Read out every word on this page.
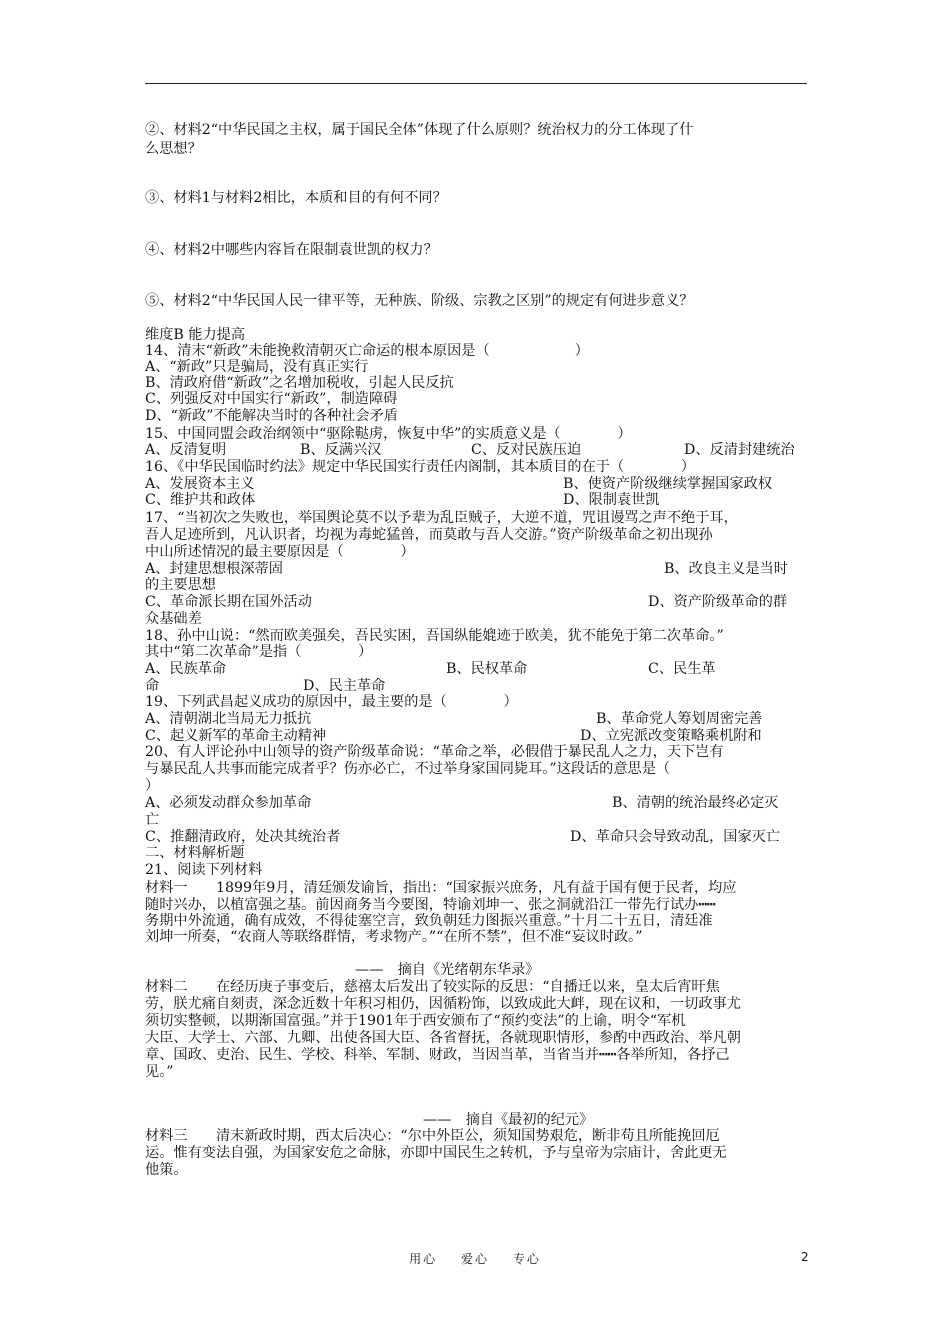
②、材料2“中华民国之主权，属于国民全体”体现了什么原则？统治权力的分工体现了什
么思想？
③、材料1与材料2相比，本质和目的有何不同？
④、材料2中哪些内容旨在限制袁世凯的权力？
⑤、材料2“中华民国人民一律平等，无种族、阶级、宗教之区别”的规定有何进步意义？
维度B 能力提高
14、清末“新政”未能挽救清朝灭亡命运的根本原因是（　　　　　　）
A、“新政”只是骗局，没有真正实行
B、清政府借“新政”之名增加税收，引起人民反抗
C、列强反对中国实行“新政”，制造障碍
D、“新政”不能解决当时的各种社会矛盾
15、中国同盟会政治纲领中“驱除鞑虏，恢复中华”的实质意义是（　　　　）
A、反清复明	B、反满兴汉	C、反对民族压迫	D、反清封建统治
16、《中华民国临时约法》规定中华民国实行责任内阁制，其本质目的在于（　　　　）
A、发展资本主义	B、使资产阶级继续掌握国家政权
C、维护共和政体	D、限制袁世凯
17、“当初次之失败也，举国舆论莫不以予辈为乱臣贼子，大逆不道，咒诅谩骂之声不绝于耳，
吾人足迹所到，凡认识者，均视为毒蛇猛兽，而莫敢与吾人交游。”资产阶级革命之初出现孙
中山所述情况的最主要原因是（　　　　）
A、封建思想根深蒂固	B、改良主义是当时
的主要思想
C、革命派长期在国外活动	D、资产阶级革命的群
众基础差
18、孙中山说：“然而欧美强矣，吾民实困，吾国纵能媲迹于欧美，犹不能免于第二次革命。”
其中“第二次革命”是指（　　　　）
A、民族革命	B、民权革命	C、民生革
命	D、民主革命
19、下列武昌起义成功的原因中，最主要的是（　　　　）
A、清朝湖北当局无力抵抗	B、革命党人筹划周密完善
C、起义新军的革命主动精神	D、立宪派改变策略乘机附和
20、有人评论孙中山领导的资产阶级革命说：“革命之举，必假借于暴民乱人之力，天下岂有
与暴民乱人共事而能完成者乎？伤亦必亡，不过举身家国同毙耳。”这段话的意思是（
）
A、必须发动群众参加革命	B、清朝的统治最终必定灭
亡
C、推翻清政府，处决其统治者	D、革命只会导致动乱，国家灭亡
二、材料解析题
21、阅读下列材料
材料一　　1899年9月，清廷颁发谕旨，指出：“国家振兴庶务，凡有益于国有便于民者，均应
随时兴办，以植富强之基。前因商务当今要图，特谕刘坤一、张之洞就沿江一带先行试办┅┅
务期中外流通，确有成效，不得徒塞空言，致负朝廷力图振兴重意。”十月二十五日，清廷准
刘坤一所奏，“农商人等联络群情，考求物产。”“在所不禁”，但不准“妄议时政。”
——　摘自《光绪朝东华录》
材料二　　在经历庚子事变后，慈禧太后发出了较实际的反思：“自播迁以来，皇太后宵旰焦
劳，朕尤痛自刻责，深念近数十年积习相仍，因循粉饰，以致成此大衅，现在议和，一切政事尤
须切实整顿，以期渐国富强。”并于1901年于西安颁布了“预约变法”的上谕，明令“军机
大臣、大学士、六部、九卿、出使各国大臣、各省督抚，各就现职情形，参酌中西政治、举凡朝
章、国政、吏治、民生、学校、科举、军制、财政，当因当革，当省当并┅┅各举所知，各抒己
见。”
——　摘自《最初的纪元》
材料三　　清末新政时期，西太后决心：“尔中外臣公，须知国势艰危，断非苟且所能挽回厄
运。惟有变法自强，为国家安危之命脉，亦即中国民生之转机，予与皇帝为宗庙计，舍此更无
他策。
用心 爱心 专心	2
